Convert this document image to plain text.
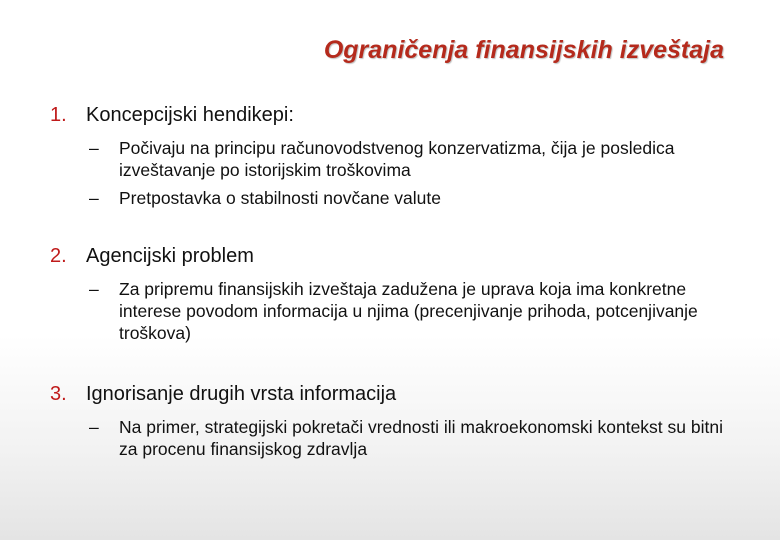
Ograničenja finansijskih izveštaja
1. Koncepcijski hendikepi:
–	Počivaju na principu računovodstvenog konzervatizma, čija je posledica izveštavanje po istorijskim troškovima
–	Pretpostavka o stabilnosti novčane valute
2. Agencijski problem
–	Za pripremu finansijskih izveštaja zadužena je uprava koja ima konkretne interese povodom informacija u njima (precenjivanje prihoda, potcenjivanje troškova)
3. Ignorisanje drugih vrsta informacija
–	Na primer, strategijski pokretači vrednosti ili makroekonomski kontekst su bitni za procenu finansijskog zdravlja
